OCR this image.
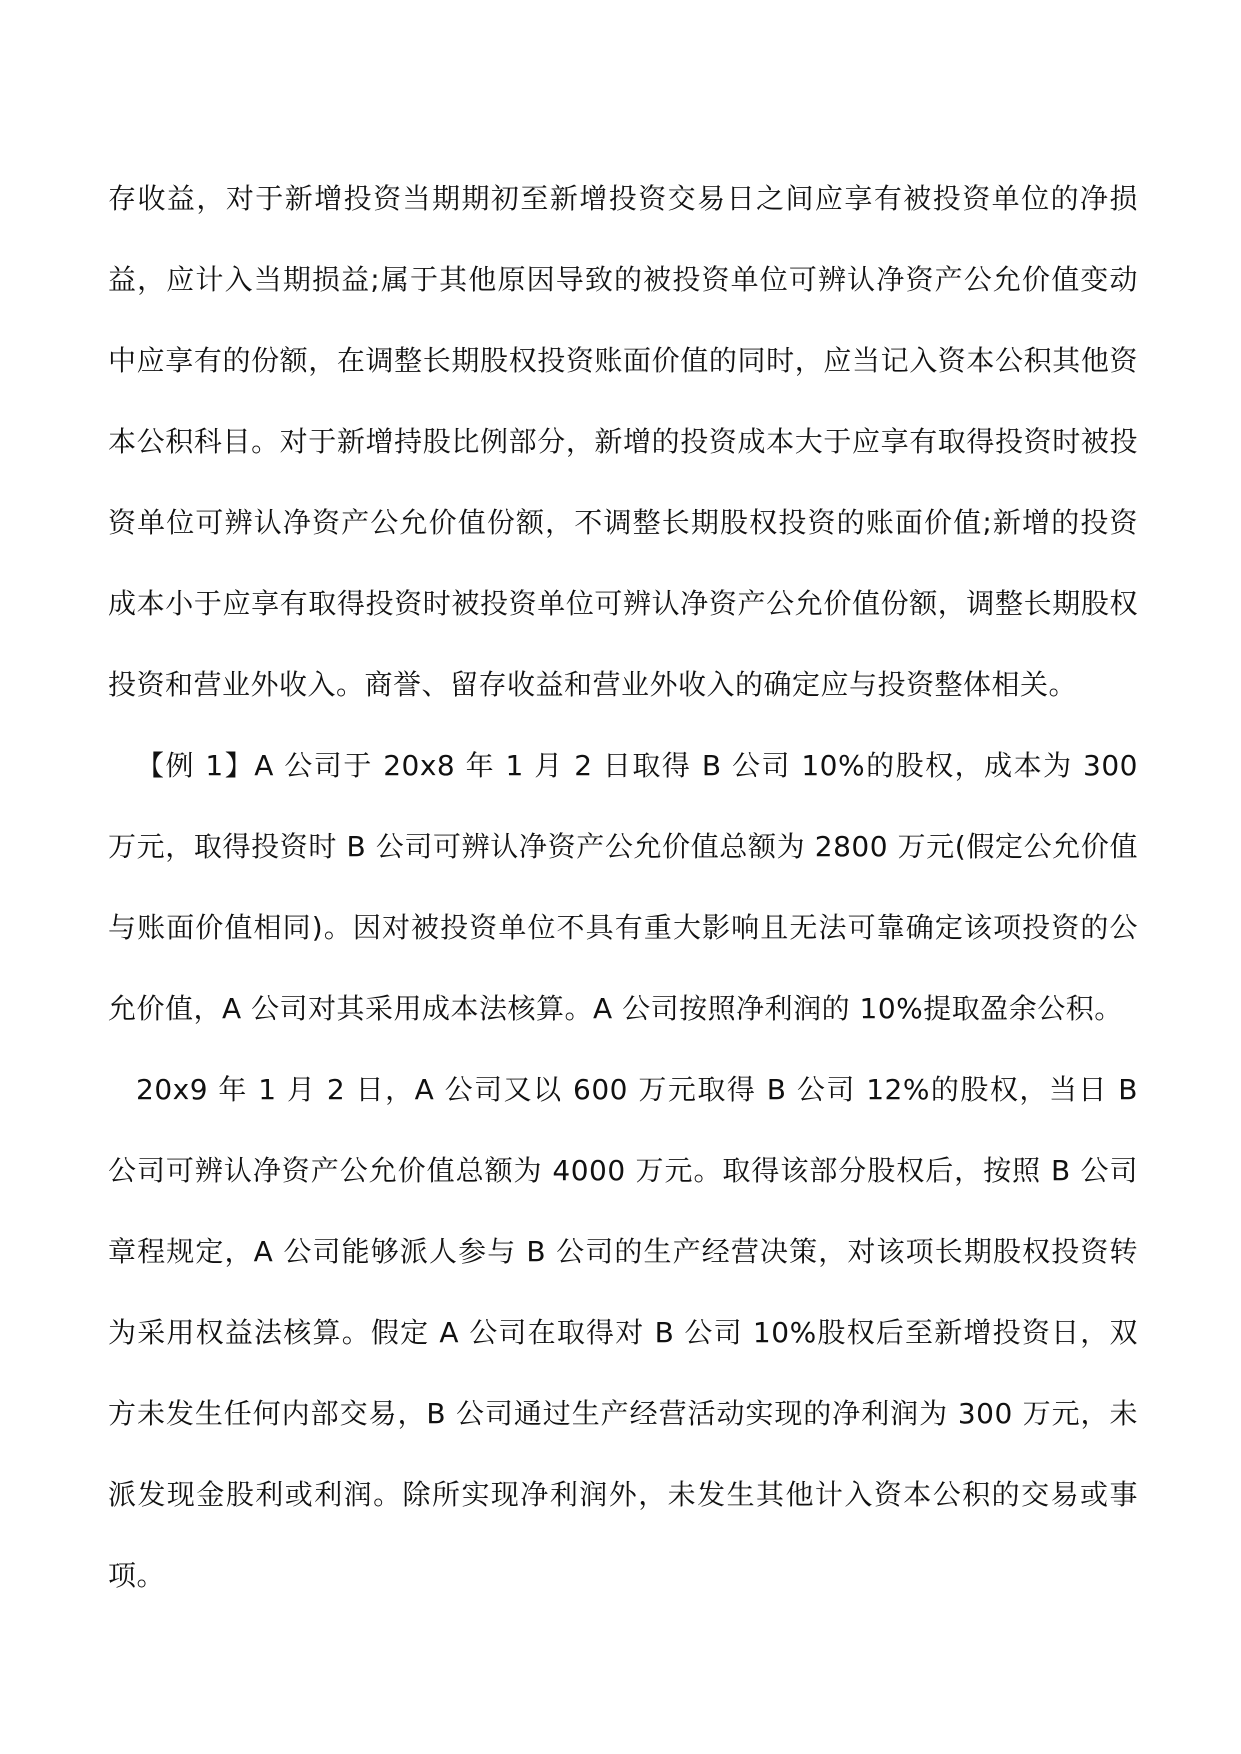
存收益，对于新增投资当期期初至新增投资交易日之间应享有被投资单位的净损益，应计入当期损益;属于其他原因导致的被投资单位可辨认净资产公允价值变动中应享有的份额，在调整长期股权投资账面价值的同时，应当记入资本公积其他资本公积科目。对于新增持股比例部分，新增的投资成本大于应享有取得投资时被投资单位可辨认净资产公允价值份额，不调整长期股权投资的账面价值;新增的投资成本小于应享有取得投资时被投资单位可辨认净资产公允价值份额，调整长期股权投资和营业外收入。商誉、留存收益和营业外收入的确定应与投资整体相关。

【例 1】A 公司于 20x8 年 1 月 2 日取得 B 公司 10%的股权，成本为 300 万元，取得投资时 B 公司可辨认净资产公允价值总额为 2800 万元(假定公允价值与账面价值相同)。因对被投资单位不具有重大影响且无法可靠确定该项投资的公允价值，A 公司对其采用成本法核算。A 公司按照净利润的 10%提取盈余公积。

20x9 年 1 月 2 日，A 公司又以 600 万元取得 B 公司 12%的股权，当日 B 公司可辨认净资产公允价值总额为 4000 万元。取得该部分股权后，按照 B 公司章程规定，A 公司能够派人参与 B 公司的生产经营决策，对该项长期股权投资转为采用权益法核算。假定 A 公司在取得对 B 公司 10%股权后至新增投资日，双方未发生任何内部交易，B 公司通过生产经营活动实现的净利润为 300 万元，未派发现金股利或利润。除所实现净利润外，未发生其他计入资本公积的交易或事项。
